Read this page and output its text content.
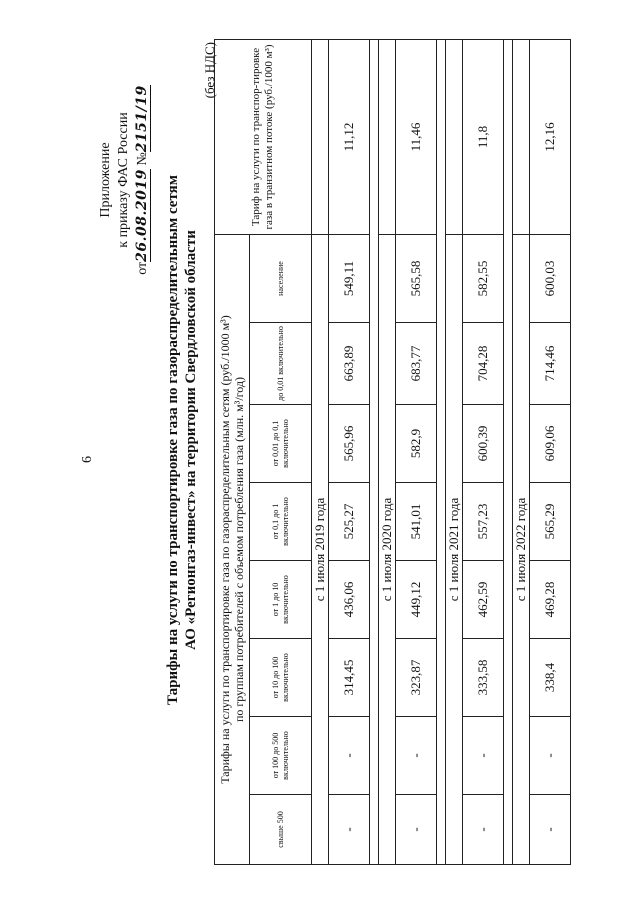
6
Приложение к приказу ФАС России
от26.08.2019 №2151/19
Тарифы на услуги по транспортировке газа по газораспределительным сетям АО «Регионгаз-инвест» на территории Свердловской области
(без НДС)
Тарифы на услуги по транспортировке газа по газораспределительным сетям (руб./1000 м³) по группам потребителей с объемом потребления газа (млн. м³/год)								Тариф на услуги по транспор-тировке газа в транзитном потоке (руб./1000 м³)
свыше 500	от 100 до 500 включительно	от 10 до 100 включительно	от 1 до 10 включительно	от 0,1 до 1 включительно	от 0,01 до 0,1 включительно	до 0,01 включительно	население	
с 1 июля 2019 года								
-	-	314,45	436,06	525,27	565,96	663,89	549,11	11,12

с 1 июля 2020 года								
-	-	323,87	449,12	541,01	582,9	683,77	565,58	11,46

с 1 июля 2021 года								
-	-	333,58	462,59	557,23	600,39	704,28	582,55	11,8

с 1 июля 2022 года								
-	-	338,4	469,28	565,29	609,06	714,46	600,03	12,16
